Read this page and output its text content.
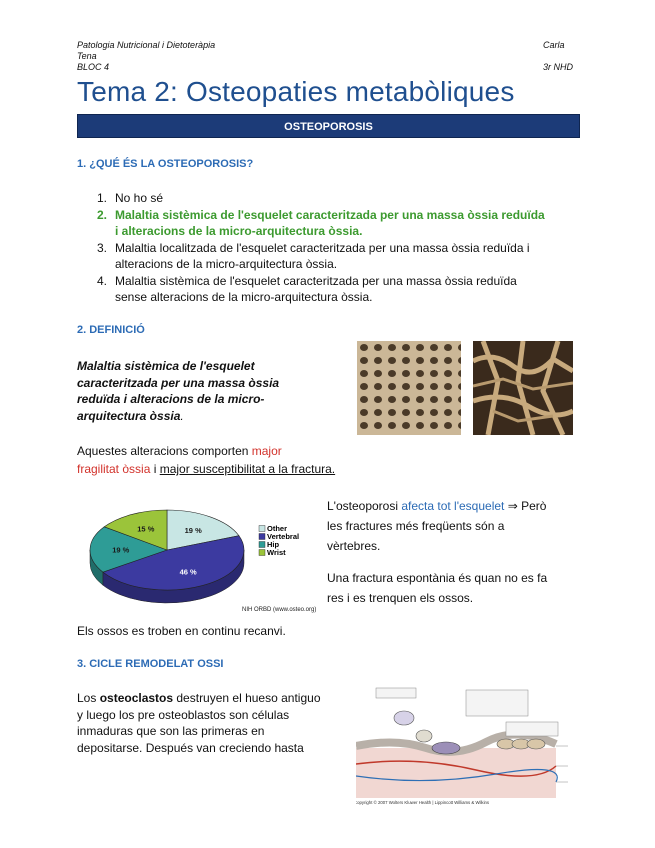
Patologia Nutricional i Dietoteràpia
Tena
BLOC 4
Carla
3r NHD
Tema 2: Osteopaties metabòliques
OSTEOPOROSIS
1. ¿QUÉ ÉS LA OSTEOPOROSIS?
1. No ho sé
2. Malaltia sistèmica de l'esquelet caracteritzada per una massa òssia reduïda
i alteracions de la micro-arquitectura òssia.
3. Malaltia localitzada de l'esquelet caracteritzada per una massa òssia reduïda i
alteracions de la micro-arquitectura òssia.
4. Malaltia sistèmica de l'esquelet caracteritzada per una massa òssia reduïda
sense alteracions de la micro-arquitectura òssia.
2. DEFINICIÓ
Malaltia sistèmica de l'esquelet
caracteritzada per una massa òssia
reduïda i alteracions de la micro-
arquitectura òssia.
Aquestes alteracions comporten major
fragilitat òssia i major susceptibilitat a la fractura.
19 %
46 %
19 %
15 %	Other
Vertebral
Hip
Wrist
NIH ORBD (www.osteo.org)
L'osteoporosi afecta tot l'esquelet ⇒ Però
les fractures més freqüents són a
vèrtebres.
Una fractura espontània és quan no es fa
res i es trenquen els ossos.
Els ossos es troben en continu recanvi.
3. CICLE REMODELAT OSSI
Los osteoclastos destruyen el hueso antiguo
y luego los pre osteoblastos son células
inmaduras que son las primeras en
depositarse. Después van creciendo hasta
Copyright © 2007 Wolters Kluwer Health | Lippincott Williams & Wilkins
